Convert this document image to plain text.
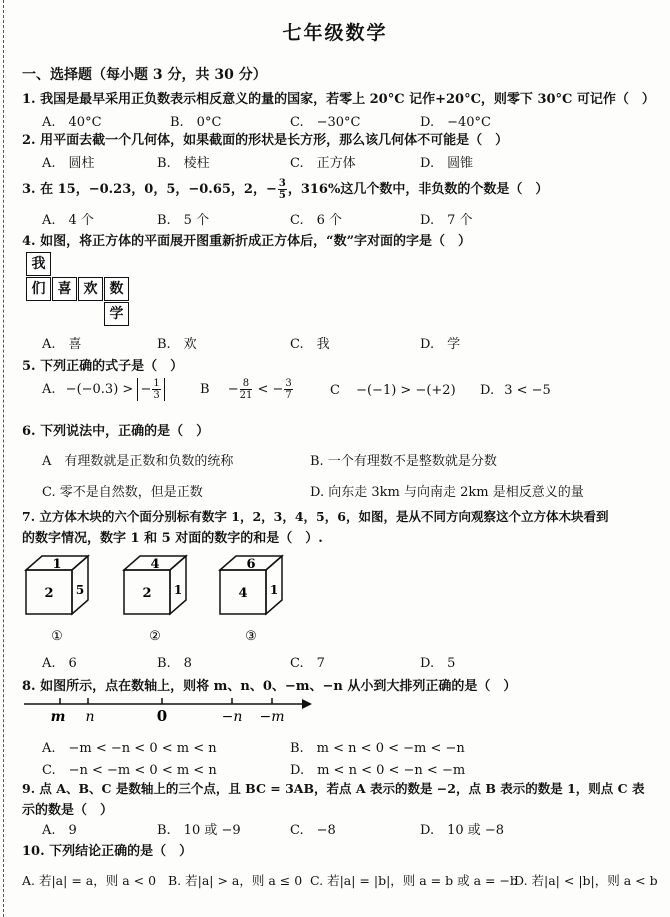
七年级数学
一、选择题（每小题 3 分，共 30 分）
1. 我国是最早采用正负数表示相反意义的量的国家，若零上 20°C 记作+20°C，则零下 30°C 可记作（　）
A.　40°C	B.　0°C	C.　−30°C	D.　−40°C
2. 用平面去截一个几何体，如果截面的形状是长方形，那么该几何体不可能是（　）
A.　圆柱	B.　棱柱	C.　正方体	D.　圆锥
3. 在 15，−0.23，0，5，−0.65，2，− $\frac{3}{5}$ ，316%这几个数中，非负数的个数是（　）
A.　4 个	B.　5 个	C.　6 个	D.　7 个
4. 如图，将正方体的平面展开图重新折成正方体后，“数”字对面的字是（　）
我
们 喜 欢 数
学
A.　喜	B.　欢	C.　我	D.　学
5. 下列正确的式子是（　）
A. −(−0.3) > − $\frac{1}{3}$	$B - \frac{8}{21}$ < − $\frac{3}{7}$	C −(−1) > −(+2) D. 3 < −5
6. 下列说法中，正确的是（　）
A　有理数就是正数和负数的统称	B. 一个有理数不是整数就是分数
C. 零不是自然数，但是正数	D. 向东走 3km 与向南走 2km 是相反意义的量
7. 立方体木块的六个面分别标有数字 1，2，3，4，5，6，如图，是从不同方向观察这个立方体木块看到
的数字情况，数字 1 和 5 对面的数字的和是（　）.
1
2 5
①
4
2 1
②
6
4 1
③
A.　6	B.　8	C.　7	D.　5
8. 如图所示，点在数轴上，则将 m、n、0、−m、−n 从小到大排列正确的是（　）
m n	0	−n −m
A.　−m < −n < 0 < m < n	B.　m < n < 0 < −m < −n
C.　−n < −m < 0 < m < n	D.　m < n < 0 < −n < −m
9. 点 A、B、C 是数轴上的三个点，且 BC = 3AB，若点 A 表示的数是 −2，点 B 表示的数是 1，则点 C 表
示的数是（　）
A.　9	B.　10 或 −9	C.　−8	D.　10 或 −8
10. 下列结论正确的是（　）
A. 若|a| = a，则 a < 0 B. 若|a| > a，则 a ≤ 0 C. 若|a| = |b|，则 a = b 或 a = −b
D. 若|a| < |b|，则 a < b
